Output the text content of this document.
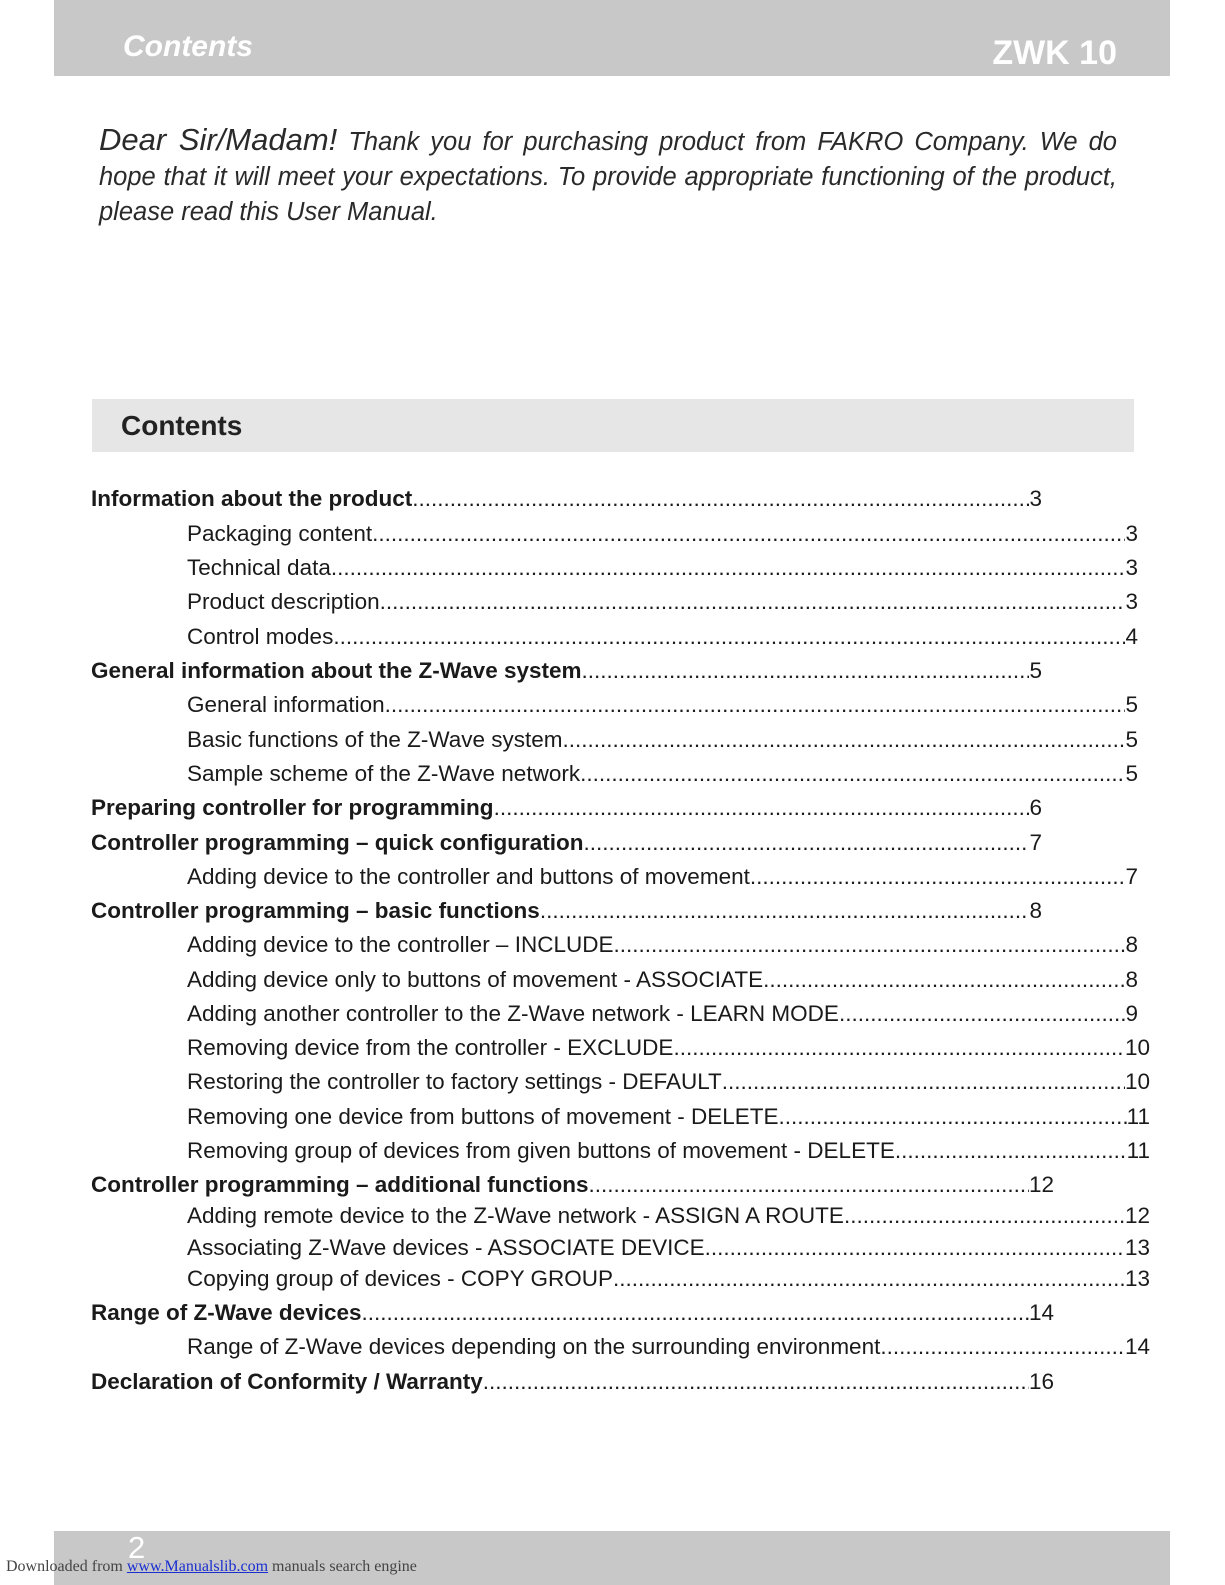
Contents	ZWK 10
Dear Sir/Madam! Thank you for purchasing product from FAKRO Company. We do hope that it will meet your expectations. To provide appropriate functioning of the product, please read this User Manual.
Contents
Information about the product .....	3
Packaging content .....	3
Technical data .....	3
Product description .....	3
Control modes .....	4
General information about the Z-Wave system .....	5
General information .....	5
Basic functions of the Z-Wave system .....	5
Sample scheme of the Z-Wave network .....	5
Preparing controller for programming .....	6
Controller programming – quick configuration .....	7
Adding device to the controller and buttons of movement .....	7
Controller programming – basic functions .....	8
Adding device to the controller – INCLUDE .....	8
Adding device only to buttons of movement - ASSOCIATE .....	8
Adding another controller to the Z-Wave network - LEARN MODE .....	9
Removing device from the controller - EXCLUDE .....	10
Restoring the controller to factory settings - DEFAULT .....	10
Removing one device from buttons of movement - DELETE .....	11
Removing group of devices from given buttons of movement - DELETE .....	11
Controller programming – additional functions .....	12
Adding remote device to the Z-Wave network - ASSIGN A ROUTE .....	12
Associating Z-Wave devices - ASSOCIATE DEVICE .....	13
Copying group of devices - COPY GROUP .....	13
Range of Z-Wave devices .....	14
Range of Z-Wave devices depending on the surrounding environment .....	14
Declaration of Conformity / Warranty .....	16
2
Downloaded from www.Manualslib.com manuals search engine
